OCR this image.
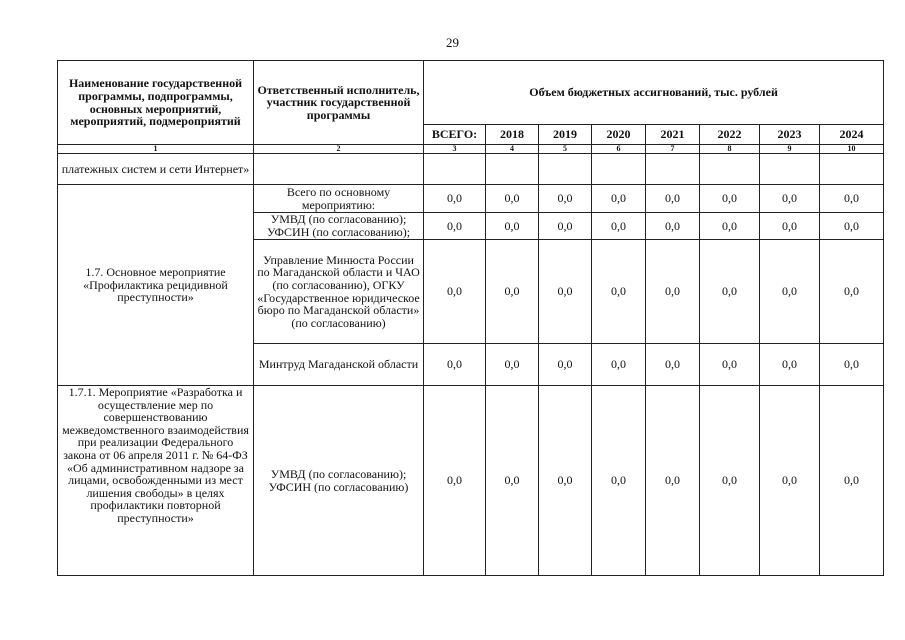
29
Наименование государственной программы, подпрограммы, основных мероприятий, мероприятий, подмероприятий	Ответственный исполнитель, участник государственной программы	Объем бюджетных ассигнований, тыс. рублей							
		ВСЕГО:	2018	2019	2020	2021	2022	2023	2024
1	2	3	4	5	6	7	8	9	10
платежных систем и сети Интернет»									
1.7. Основное мероприятие «Профилактика рецидивной преступности»	Всего по основному мероприятию:	0,0	0,0	0,0	0,0	0,0	0,0	0,0	0,0
	УМВД (по согласованию); УФСИН (по согласованию);	0,0	0,0	0,0	0,0	0,0	0,0	0,0	0,0
	Управление Минюста России по Магаданской области и ЧАО (по согласованию), ОГКУ «Государственное юридическое бюро по Магаданской области» (по согласованию)	0,0	0,0	0,0	0,0	0,0	0,0	0,0	0,0
	Минтруд Магаданской области	0,0	0,0	0,0	0,0	0,0	0,0	0,0	0,0
1.7.1. Мероприятие «Разработка и осуществление мер по совершенствованию межведомственного взаимодействия при реализации Федерального закона от 06 апреля 2011 г. № 64-ФЗ «Об административном надзоре за лицами, освобожденными из мест лишения свободы» в целях профилактики повторной преступности»	УМВД (по согласованию); УФСИН (по согласованию)	0,0	0,0	0,0	0,0	0,0	0,0	0,0	0,0
